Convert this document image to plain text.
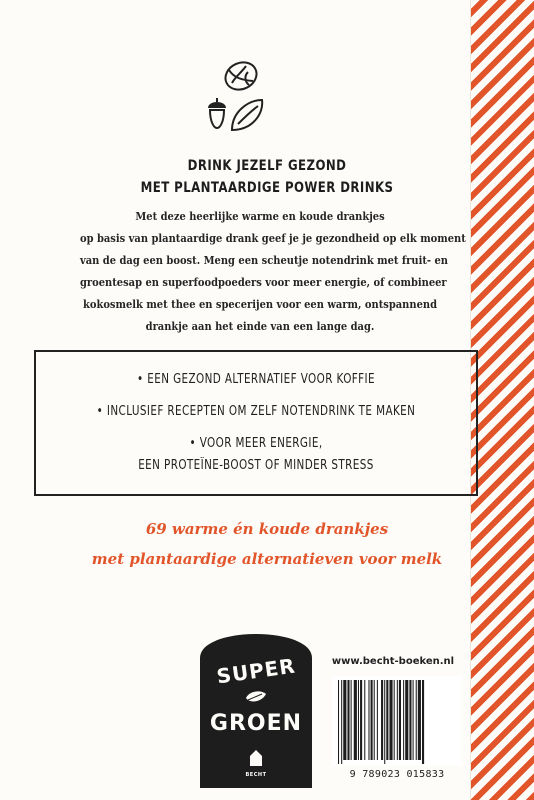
DRINK JEZELF GEZOND
MET PLANTAARDIGE POWER DRINKS
Met deze heerlijke warme en koude drankjes
op basis van plantaardige drank geef je je gezondheid op elk moment
van de dag een boost. Meng een scheutje notendrink met fruit- en
groentesap en superfoodpoeders voor meer energie, of combineer
kokosmelk met thee en specerijen voor een warm, ontspannend
drankje aan het einde van een lange dag.
• EEN GEZOND ALTERNATIEF VOOR KOFFIE
• INCLUSIEF RECEPTEN OM ZELF NOTENDRINK TE MAKEN
• VOOR MEER ENERGIE,
EEN PROTEÏNE-BOOST OF MINDER STRESS
69 warme én koude drankjes
met plantaardige alternatieven voor melk
SUPER
GROEN
BECHT
www.becht-boeken.nl
9 789023 015833
